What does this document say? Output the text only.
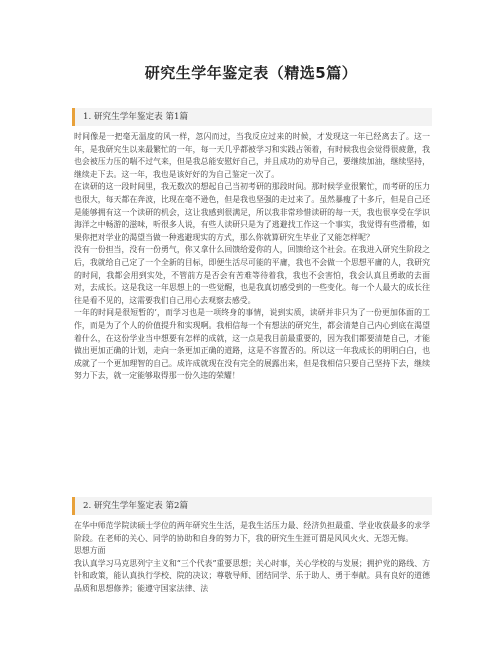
研究生学年鉴定表（精选5篇）
1. 研究生学年鉴定表 第1篇

时间像是一把毫无温度的风一样，忽闪而过，当我反应过来的时候，才发现这一年已经离去了。这一年，是我研究生以来最繁忙的一年，每一天几乎都被学习和实践占领着，有时候我也会觉得很疲惫，我也会被压力压的喘不过气来，但是我总能安慰好自己，并且成功的劝导自己，要继续加油，继续坚持，继续走下去。这一年，我也是该好好的为自己鉴定一次了。

在读研的这一段时间里，我无数次的想起自己当初考研的那段时间。那时候学业很繁忙，而考研的压力也很大，每天都在奔波，比现在毫不逊色，但是我也坚强的走过来了。虽然暴瘦了十多斤，但是自己还是能够拥有这一个读研的机会，这让我感到很满足，所以我非常珍惜读研的每一天，我也很享受在学识海洋之中畅游的滋味，听很多人说，有些人读研只是为了逃避找工作这一个事实，我觉得有些滑稽，如果你把对学业的渴望当做一种逃避现实的方式，那么你就算研究生毕业了又能怎样呢？

没有一份担当，没有一份勇气，你又拿什么回馈给爱你的人，回馈给这个社会。在我进入研究生阶段之后，我就给自己定了一个全新的目标，即便生活尽可能的平庸，我也不会做一个思想平庸的人，我研究的时间，我都会用到实处，不管前方是否会有苦难等待着我，我也不会害怕，我会认真且勇敢的去面对，去成长。这是我这一年思想上的一些觉醒，也是我真切感受到的一些变化。每一个人最大的成长往往是看不见的，这需要我们自己用心去观察去感受。

一年的时间是很短暂的’，而学习也是一项终身的事情，说到实质，读研并非只为了一份更加体面的工作，而是为了个人的价值提升和实现啊。我相信每一个有想法的研究生，都会清楚自己内心到底在渴望着什么，在这份学业当中想要有怎样的成就，这一点是我目前最重要的，因为我们都要清楚自己，才能做出更加正确的计划，走向一条更加正确的道路，这是不容置否的。所以这一年我成长的明明白白，也成就了一个更加理智的自己。成许成就现在没有完全的展露出来，但是我相信只要自己坚持下去，继续努力下去，就一定能够取得那一份久违的荣耀！

2. 研究生学年鉴定表 第2篇

在华中师范学院读硕士学位的两年研究生生活，是我生活压力最、经济负担最重、学业收获最多的求学阶段。在老师的关心、同学的协助和自身的努力下，我的研究生生涯可谓是风风火火、无怨无悔。

思想方面

我认真学习马克思列宁主义和“三个代表”重要思想；关心时事，关心学校的与发展；拥护党的路线、方针和政策，能认真执行学校、院的决议；尊敬导师、团结同学、乐于助人、勇于奉献。具有良好的道德品质和思想修养；能遵守国家法律、法
